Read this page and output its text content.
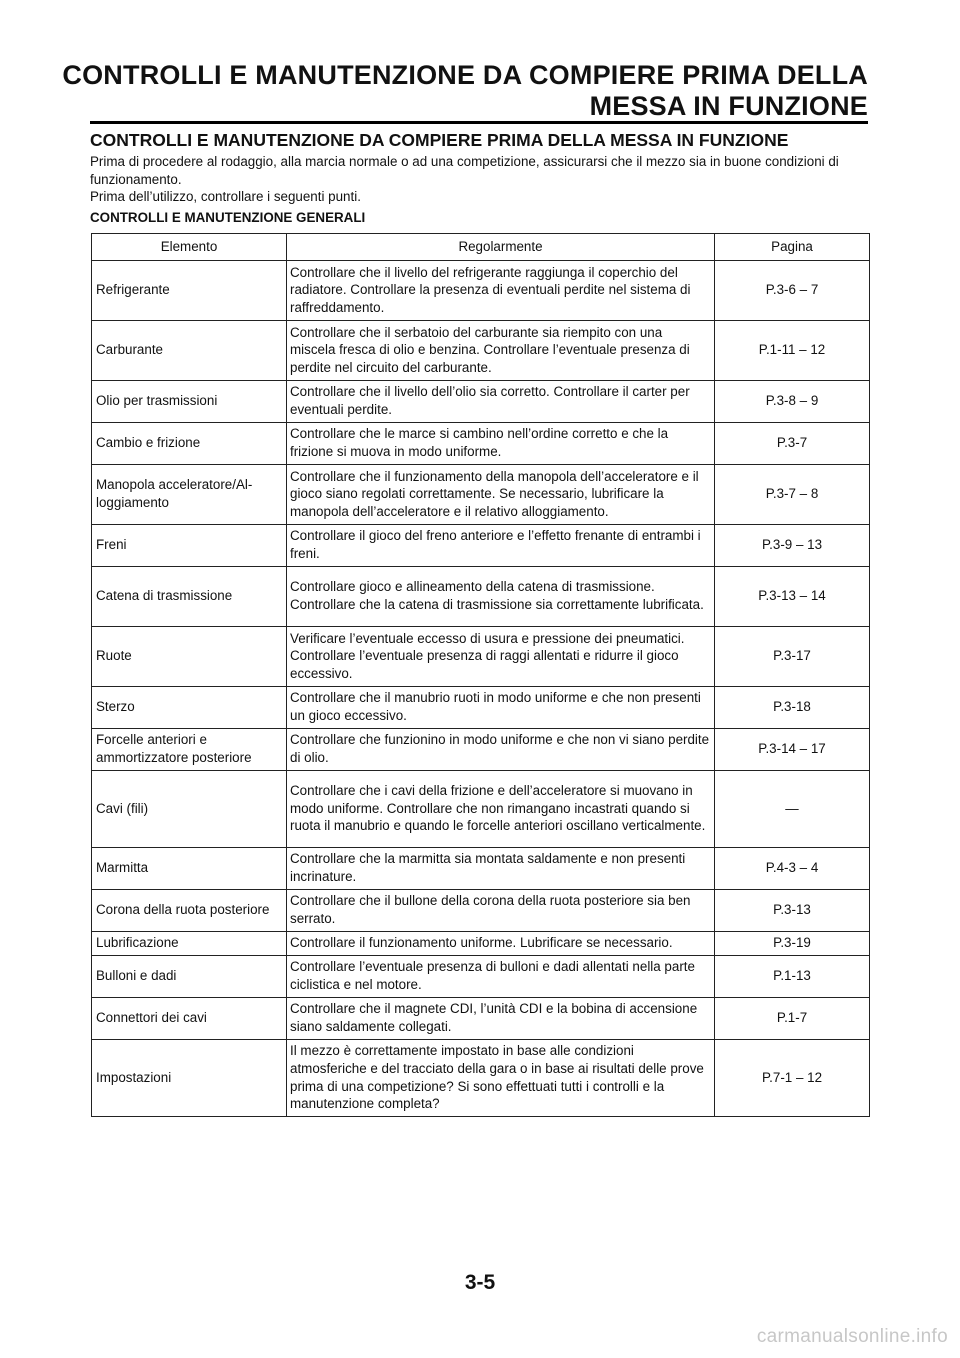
CONTROLLI E MANUTENZIONE DA COMPIERE PRIMA DELLA
MESSA IN FUNZIONE
CONTROLLI E MANUTENZIONE DA COMPIERE PRIMA DELLA MESSA IN FUNZIONE

Prima di procedere al rodaggio, alla marcia normale o ad una competizione, assicurarsi che il mezzo sia in buone condizioni di funzionamento.

Prima dell’utilizzo, controllare i seguenti punti.

CONTROLLI E MANUTENZIONE GENERALI
Elemento	Regolarmente	Pagina
Refrigerante	Controllare che il livello del refrigerante raggiunga il coperchio del radiatore. Controllare la presenza di eventuali perdite nel sistema di raffreddamento.	P.3-6 – 7
Carburante	Controllare che il serbatoio del carburante sia riempito con una miscela fresca di olio e benzina. Controllare l’eventuale presenza di perdite nel circuito del carburante.	P.1-11 – 12
Olio per trasmissioni	Controllare che il livello dell’olio sia corretto. Controllare il carter per eventuali perdite.	P.3-8 – 9
Cambio e frizione	Controllare che le marce si cambino nell’ordine corretto e che la frizione si muova in modo uniforme.	P.3-7
Manopola acceleratore/Al-loggiamento	Controllare che il funzionamento della manopola dell’acceleratore e il gioco siano regolati correttamente. Se necessario, lubrificare la manopola dell’acceleratore e il relativo alloggiamento.	P.3-7 – 8
Freni	Controllare il gioco del freno anteriore e l’effetto frenante di entrambi i freni.	P.3-9 – 13
Catena di trasmissione	Controllare gioco e allineamento della catena di trasmissione. Controllare che la catena di trasmissione sia correttamente lubrificata.	P.3-13 – 14
Ruote	Verificare l’eventuale eccesso di usura e pressione dei pneumatici. Controllare l’eventuale presenza di raggi allentati e ridurre il gioco eccessivo.	P.3-17
Sterzo	Controllare che il manubrio ruoti in modo uniforme e che non presenti un gioco eccessivo.	P.3-18
Forcelle anteriori e ammortizzatore posteriore	Controllare che funzionino in modo uniforme e che non vi siano perdite di olio.	P.3-14 – 17
Cavi (fili)	Controllare che i cavi della frizione e dell’acceleratore si muovano in modo uniforme. Controllare che non rimangano incastrati quando si ruota il manubrio e quando le forcelle anteriori oscillano verticalmente.	—
Marmitta	Controllare che la marmitta sia montata saldamente e non presenti incrinature.	P.4-3 – 4
Corona della ruota posteriore	Controllare che il bullone della corona della ruota posteriore sia ben serrato.	P.3-13
Lubrificazione	Controllare il funzionamento uniforme. Lubrificare se necessario.	P.3-19
Bulloni e dadi	Controllare l’eventuale presenza di bulloni e dadi allentati nella parte ciclistica e nel motore.	P.1-13
Connettori dei cavi	Controllare che il magnete CDI, l’unità CDI e la bobina di accensione siano saldamente collegati.	P.1-7
Impostazioni	Il mezzo è correttamente impostato in base alle condizioni atmosferiche e del tracciato della gara o in base ai risultati delle prove prima di una competizione? Si sono effettuati tutti i controlli e la manutenzione completa?	P.7-1 – 12
3-5
carmanualsonline.info
